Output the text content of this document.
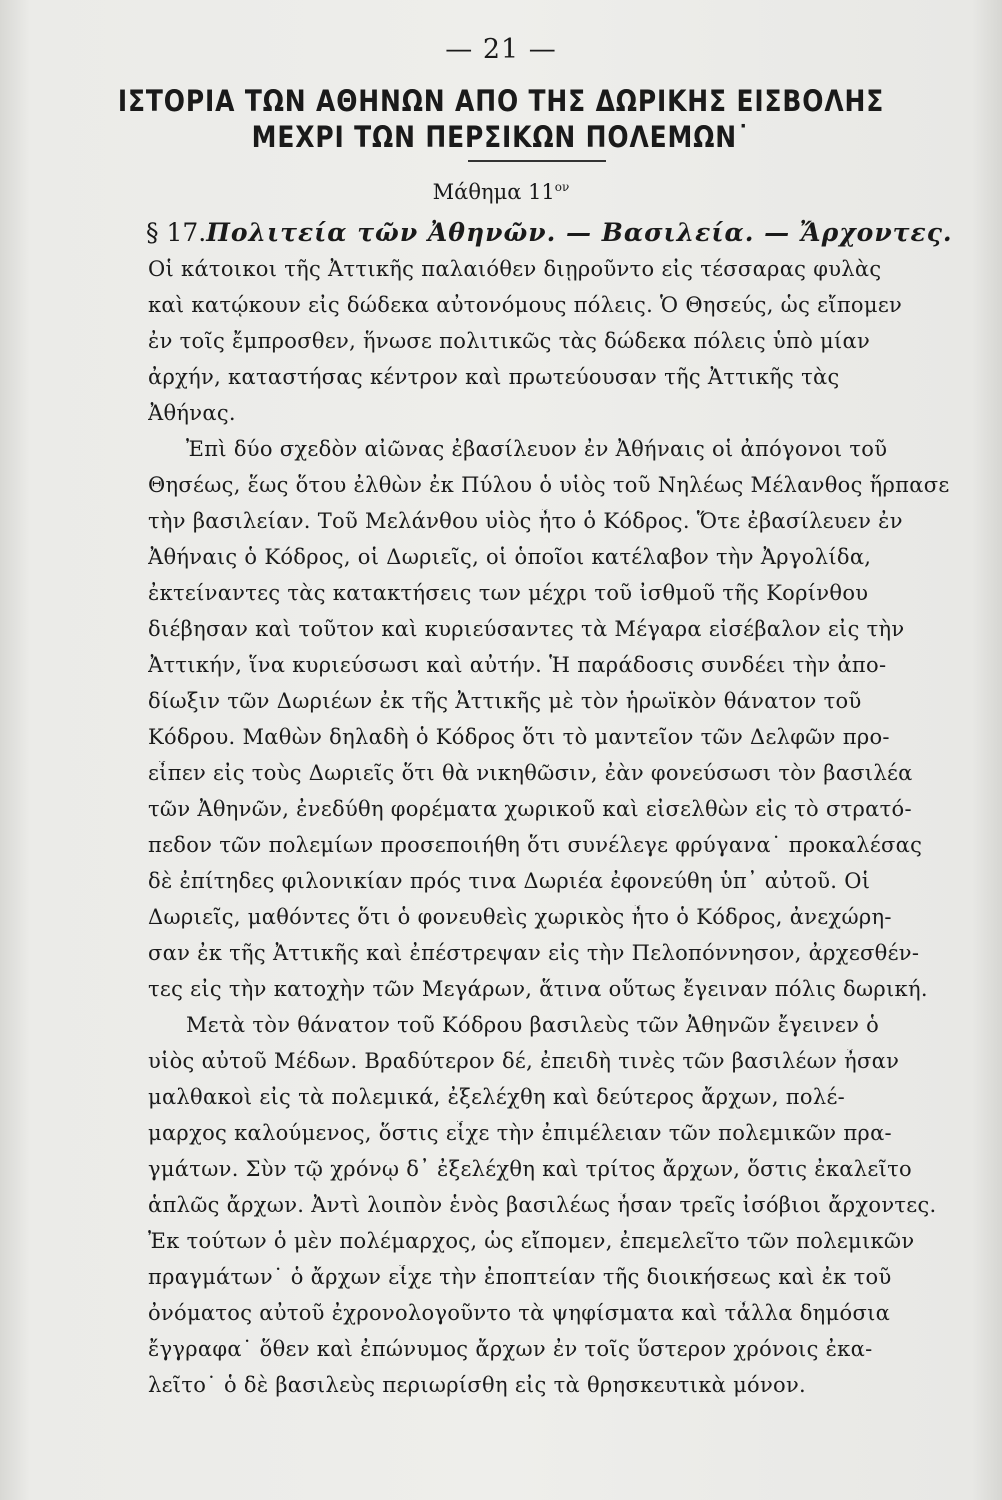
— 21 —
ΙΣΤΟΡΙΑ ΤΩΝ ΑΘΗΝΩΝ ΑΠΟ ΤΗΣ ΔΩΡΙΚΗΣ ΕΙΣΒΟΛΗΣ
ΜΕΧΡΙ ΤΩΝ ΠΕΡΣΙΚΩΝ ΠΟΛΕΜΩΝ˙
Μάθημα $11^{o\nu}$
§ 17.Πολιτεία τῶν Ἀθηνῶν. — Βασιλεία. — Ἄρχοντες.
Οἱ κάτοικοι τῆς Ἀττικῆς παλαιόθεν διῃροῦντο εἰς τέσσαρας φυλὰς
καὶ κατῴκουν εἰς δώδεκα αὐτονόμους πόλεις. Ὁ Θησεύς, ὡς εἴπομεν
ἐν τοῖς ἔμπροσθεν, ἥνωσε πολιτικῶς τὰς δώδεκα πόλεις ὑπὸ μίαν
ἀρχήν, καταστήσας κέντρον καὶ πρωτεύουσαν τῆς Ἀττικῆς τὰς
Ἀθήνας.
Ἐπὶ δύο σχεδὸν αἰῶνας ἐβασίλευον ἐν Ἀθήναις οἱ ἀπόγονοι τοῦ
Θησέως, ἕως ὅτου ἐλθὼν ἐκ Πύλου ὁ υἱὸς τοῦ Νηλέως Μέλανθος ἥρπασε
τὴν βασιλείαν. Τοῦ Μελάνθου υἱὸς ἦτο ὁ Κόδρος. Ὅτε ἐβασίλευεν ἐν
Ἀθήναις ὁ Κόδρος, οἱ Δωριεῖς, οἱ ὁποῖοι κατέλαβον τὴν Ἀργολίδα,
ἐκτείναντες τὰς κατακτήσεις των μέχρι τοῦ ἰσθμοῦ τῆς Κορίνθου
διέβησαν καὶ τοῦτον καὶ κυριεύσαντες τὰ Μέγαρα εἰσέβαλον εἰς τὴν
Ἀττικήν, ἵνα κυριεύσωσι καὶ αὐτήν. Ἡ παράδοσις συνδέει τὴν ἀπο-
δίωξιν τῶν Δωριέων ἐκ τῆς Ἀττικῆς μὲ τὸν ἡρωϊκὸν θάνατον τοῦ
Κόδρου. Μαθὼν δηλαδὴ ὁ Κόδρος ὅτι τὸ μαντεῖον τῶν Δελφῶν προ-
εἶπεν εἰς τοὺς Δωριεῖς ὅτι θὰ νικηθῶσιν, ἐὰν φονεύσωσι τὸν βασιλέα
τῶν Ἀθηνῶν, ἐνεδύθη φορέματα χωρικοῦ καὶ εἰσελθὼν εἰς τὸ στρατό-
πεδον τῶν πολεμίων προσεποιήθη ὅτι συνέλεγε φρύγανα˙ προκαλέσας
δὲ ἐπίτηδες φιλονικίαν πρός τινα Δωριέα ἐφονεύθη ὑπ᾽ αὐτοῦ. Οἱ
Δωριεῖς, μαθόντες ὅτι ὁ φονευθεὶς χωρικὸς ἦτο ὁ Κόδρος, ἀνεχώρη-
σαν ἐκ τῆς Ἀττικῆς καὶ ἐπέστρεψαν εἰς τὴν Πελοπόννησον, ἀρχεσθέν-
τες εἰς τὴν κατοχὴν τῶν Μεγάρων, ἅτινα οὕτως ἔγειναν πόλις δωρική.
Μετὰ τὸν θάνατον τοῦ Κόδρου βασιλεὺς τῶν Ἀθηνῶν ἔγεινεν ὁ
υἱὸς αὐτοῦ Μέδων. Βραδύτερον δέ, ἐπειδὴ τινὲς τῶν βασιλέων ἦσαν
μαλθακοὶ εἰς τὰ πολεμικά, ἐξελέχθη καὶ δεύτερος ἄρχων, πολέ-
μαρχος καλούμενος, ὅστις εἶχε τὴν ἐπιμέλειαν τῶν πολεμικῶν πρα-
γμάτων. Σὺν τῷ χρόνῳ δ᾽ ἐξελέχθη καὶ τρίτος ἄρχων, ὅστις ἐκαλεῖτο
ἁπλῶς ἄρχων. Ἀντὶ λοιπὸν ἑνὸς βασιλέως ἦσαν τρεῖς ἰσόβιοι ἄρχοντες.
Ἐκ τούτων ὁ μὲν πολέμαρχος, ὡς εἴπομεν, ἐπεμελεῖτο τῶν πολεμικῶν
πραγμάτων˙ ὁ ἄρχων εἶχε τὴν ἐποπτείαν τῆς διοικήσεως καὶ ἐκ τοῦ
ὀνόματος αὐτοῦ ἐχρονολογοῦντο τὰ ψηφίσματα καὶ τἆλλα δημόσια
ἔγγραφα˙ ὅθεν καὶ ἐπώνυμος ἄρχων ἐν τοῖς ὕστερον χρόνοις ἐκα-
λεῖτο˙ ὁ δὲ βασιλεὺς περιωρίσθη εἰς τὰ θρησκευτικὰ μόνον.
